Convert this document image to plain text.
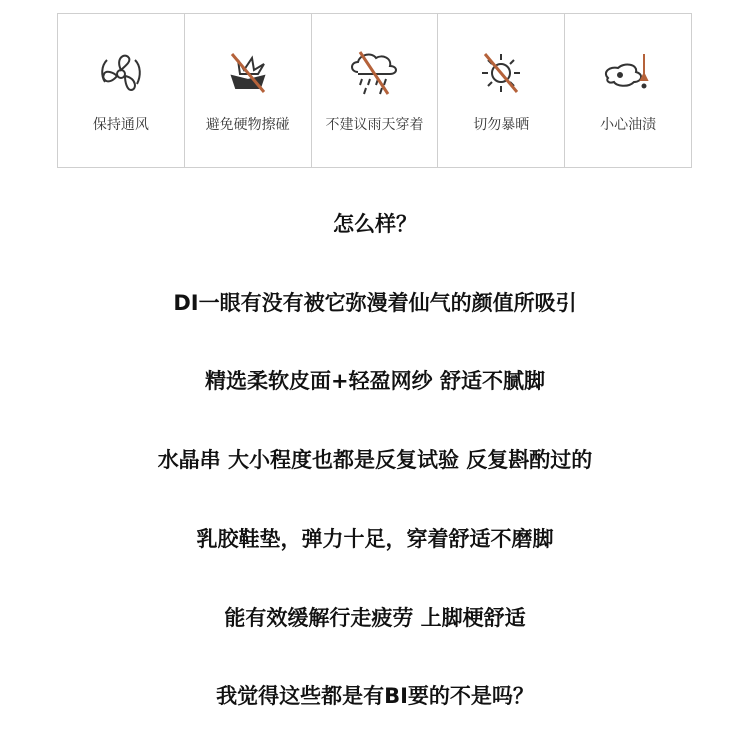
保持通风	避免硬物擦碰	不建议雨天穿着	切勿暴晒	小心油渍
怎么样？
DI一眼有没有被它弥漫着仙气的颜值所吸引
精选柔软皮面+轻盈网纱 舒适不腻脚
水晶串 大小程度也都是反复试验 反复斟酌过的
乳胶鞋垫，弹力十足，穿着舒适不磨脚
能有效缓解行走疲劳 上脚梗舒适
我觉得这些都是有BI要的不是吗？
